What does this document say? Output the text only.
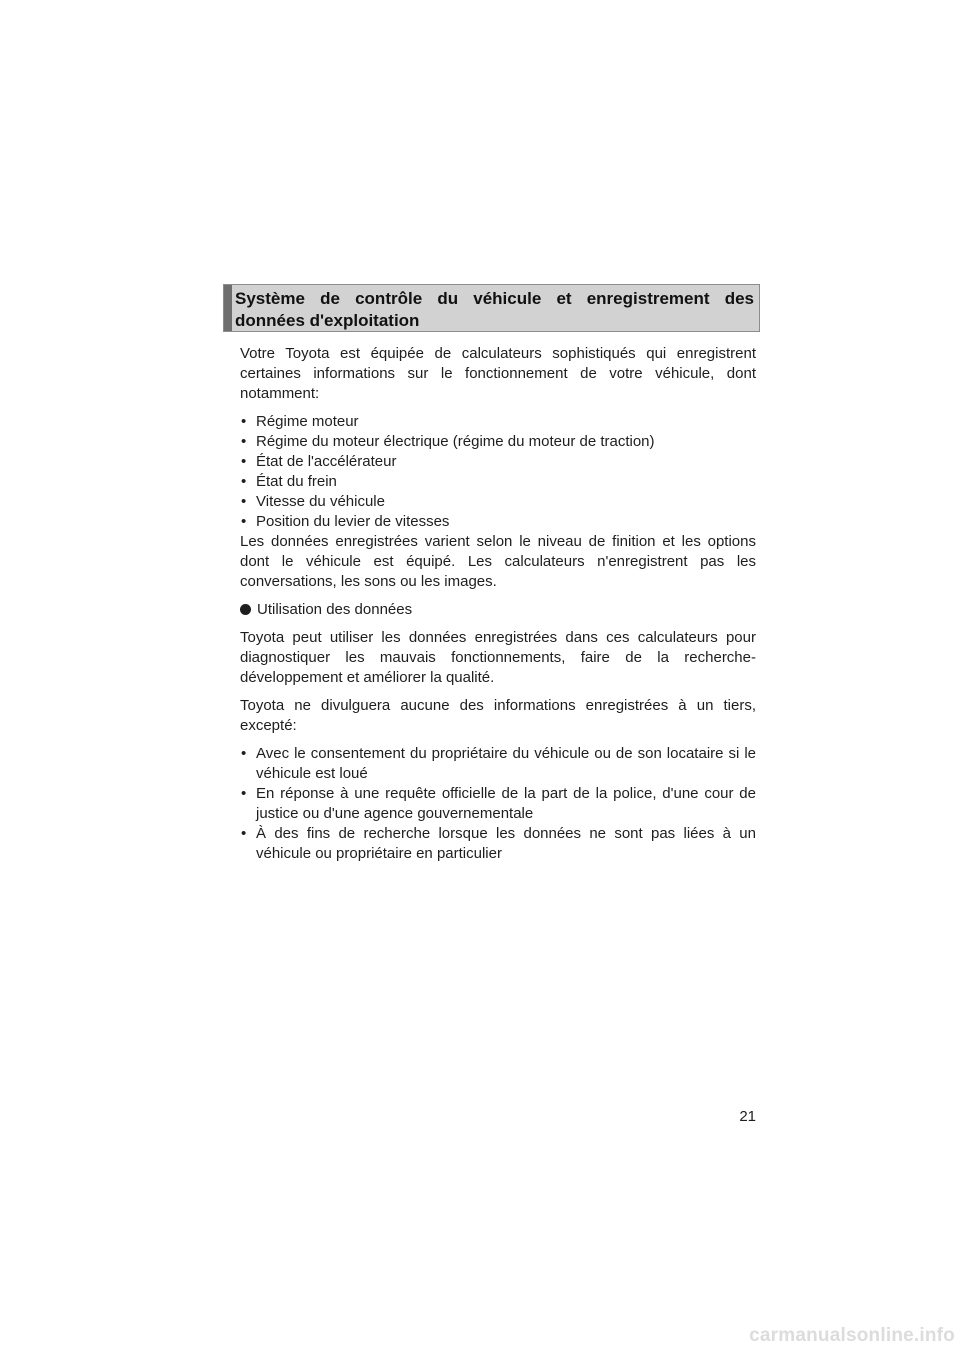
Système de contrôle du véhicule et enregistrement des données d'exploitation

Votre Toyota est équipée de calculateurs sophistiqués qui enregistrent certaines informations sur le fonctionnement de votre véhicule, dont notamment:

• Régime moteur
• Régime du moteur électrique (régime du moteur de traction)
• État de l'accélérateur
• État du frein
• Vitesse du véhicule
• Position du levier de vitesses

Les données enregistrées varient selon le niveau de finition et les options dont le véhicule est équipé. Les calculateurs n'enregistrent pas les conversations, les sons ou les images.

Utilisation des données

Toyota peut utiliser les données enregistrées dans ces calculateurs pour diagnostiquer les mauvais fonctionnements, faire de la recherche-développement et améliorer la qualité.

Toyota ne divulguera aucune des informations enregistrées à un tiers, excepté:

• Avec le consentement du propriétaire du véhicule ou de son locataire si le véhicule est loué
• En réponse à une requête officielle de la part de la police, d'une cour de justice ou d'une agence gouvernementale
• À des fins de recherche lorsque les données ne sont pas liées à un véhicule ou propriétaire en particulier
21
carmanualsonline.info
